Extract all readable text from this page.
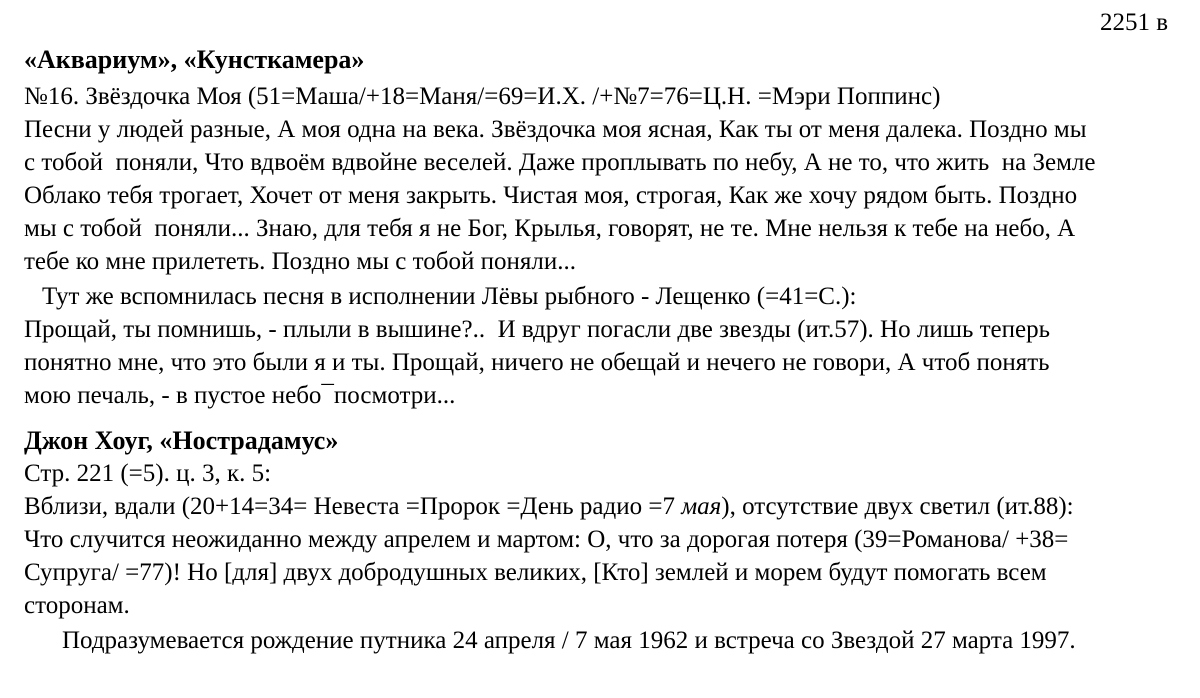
2251 в
«Аквариум», «Кунсткамера»
№16. Звёздочка Моя (51=Маша/+18=Маня/=69=И.Х. /+№7=76=Ц.Н. =Мэри Поппинс)
Песни у людей разные, А моя одна на века. Звёздочка моя ясная, Как ты от меня далека. Поздно мы
с тобой  поняли, Что вдвоём вдвойне веселей. Даже проплывать по небу, А не то, что жить  на Земле
Облако тебя трогает, Хочет от меня закрыть. Чистая моя, строгая, Как же хочу рядом быть. Поздно
мы с тобой  поняли... Знаю, для тебя я не Бог, Крылья, говорят, не те. Мне нельзя к тебе на небо, А
тебе ко мне прилететь. Поздно мы с тобой поняли...
Тут же вспомнилась песня в исполнении Лёвы рыбного - Лещенко (=41=С.):
Прощай, ты помнишь, - плыли в вышине?..  И вдруг погасли две звезды (ит.57). Но лишь теперь
понятно мне, что это были я и ты. Прощай, ничего не обещай и нечего не говори, А чтоб понять
мою печаль, - в пустое небо¯посмотри...
Джон Хоуг, «Нострадамус»
Стр. 221 (=5). ц. 3, к. 5:
Вблизи, вдали (20+14=34= Невеста =Пророк =День радио =7 мая), отсутствие двух светил (ит.88):
Что случится неожиданно между апрелем и мартом: О, что за дорогая потеря (39=Романова/ +38=
Супруга/ =77)! Но [для] двух добродушных великих, [Кто] землей и морем будут помогать всем
сторонам.
Подразумевается рождение путника 24 апреля / 7 мая 1962 и встреча со Звездой 27 марта 1997.
